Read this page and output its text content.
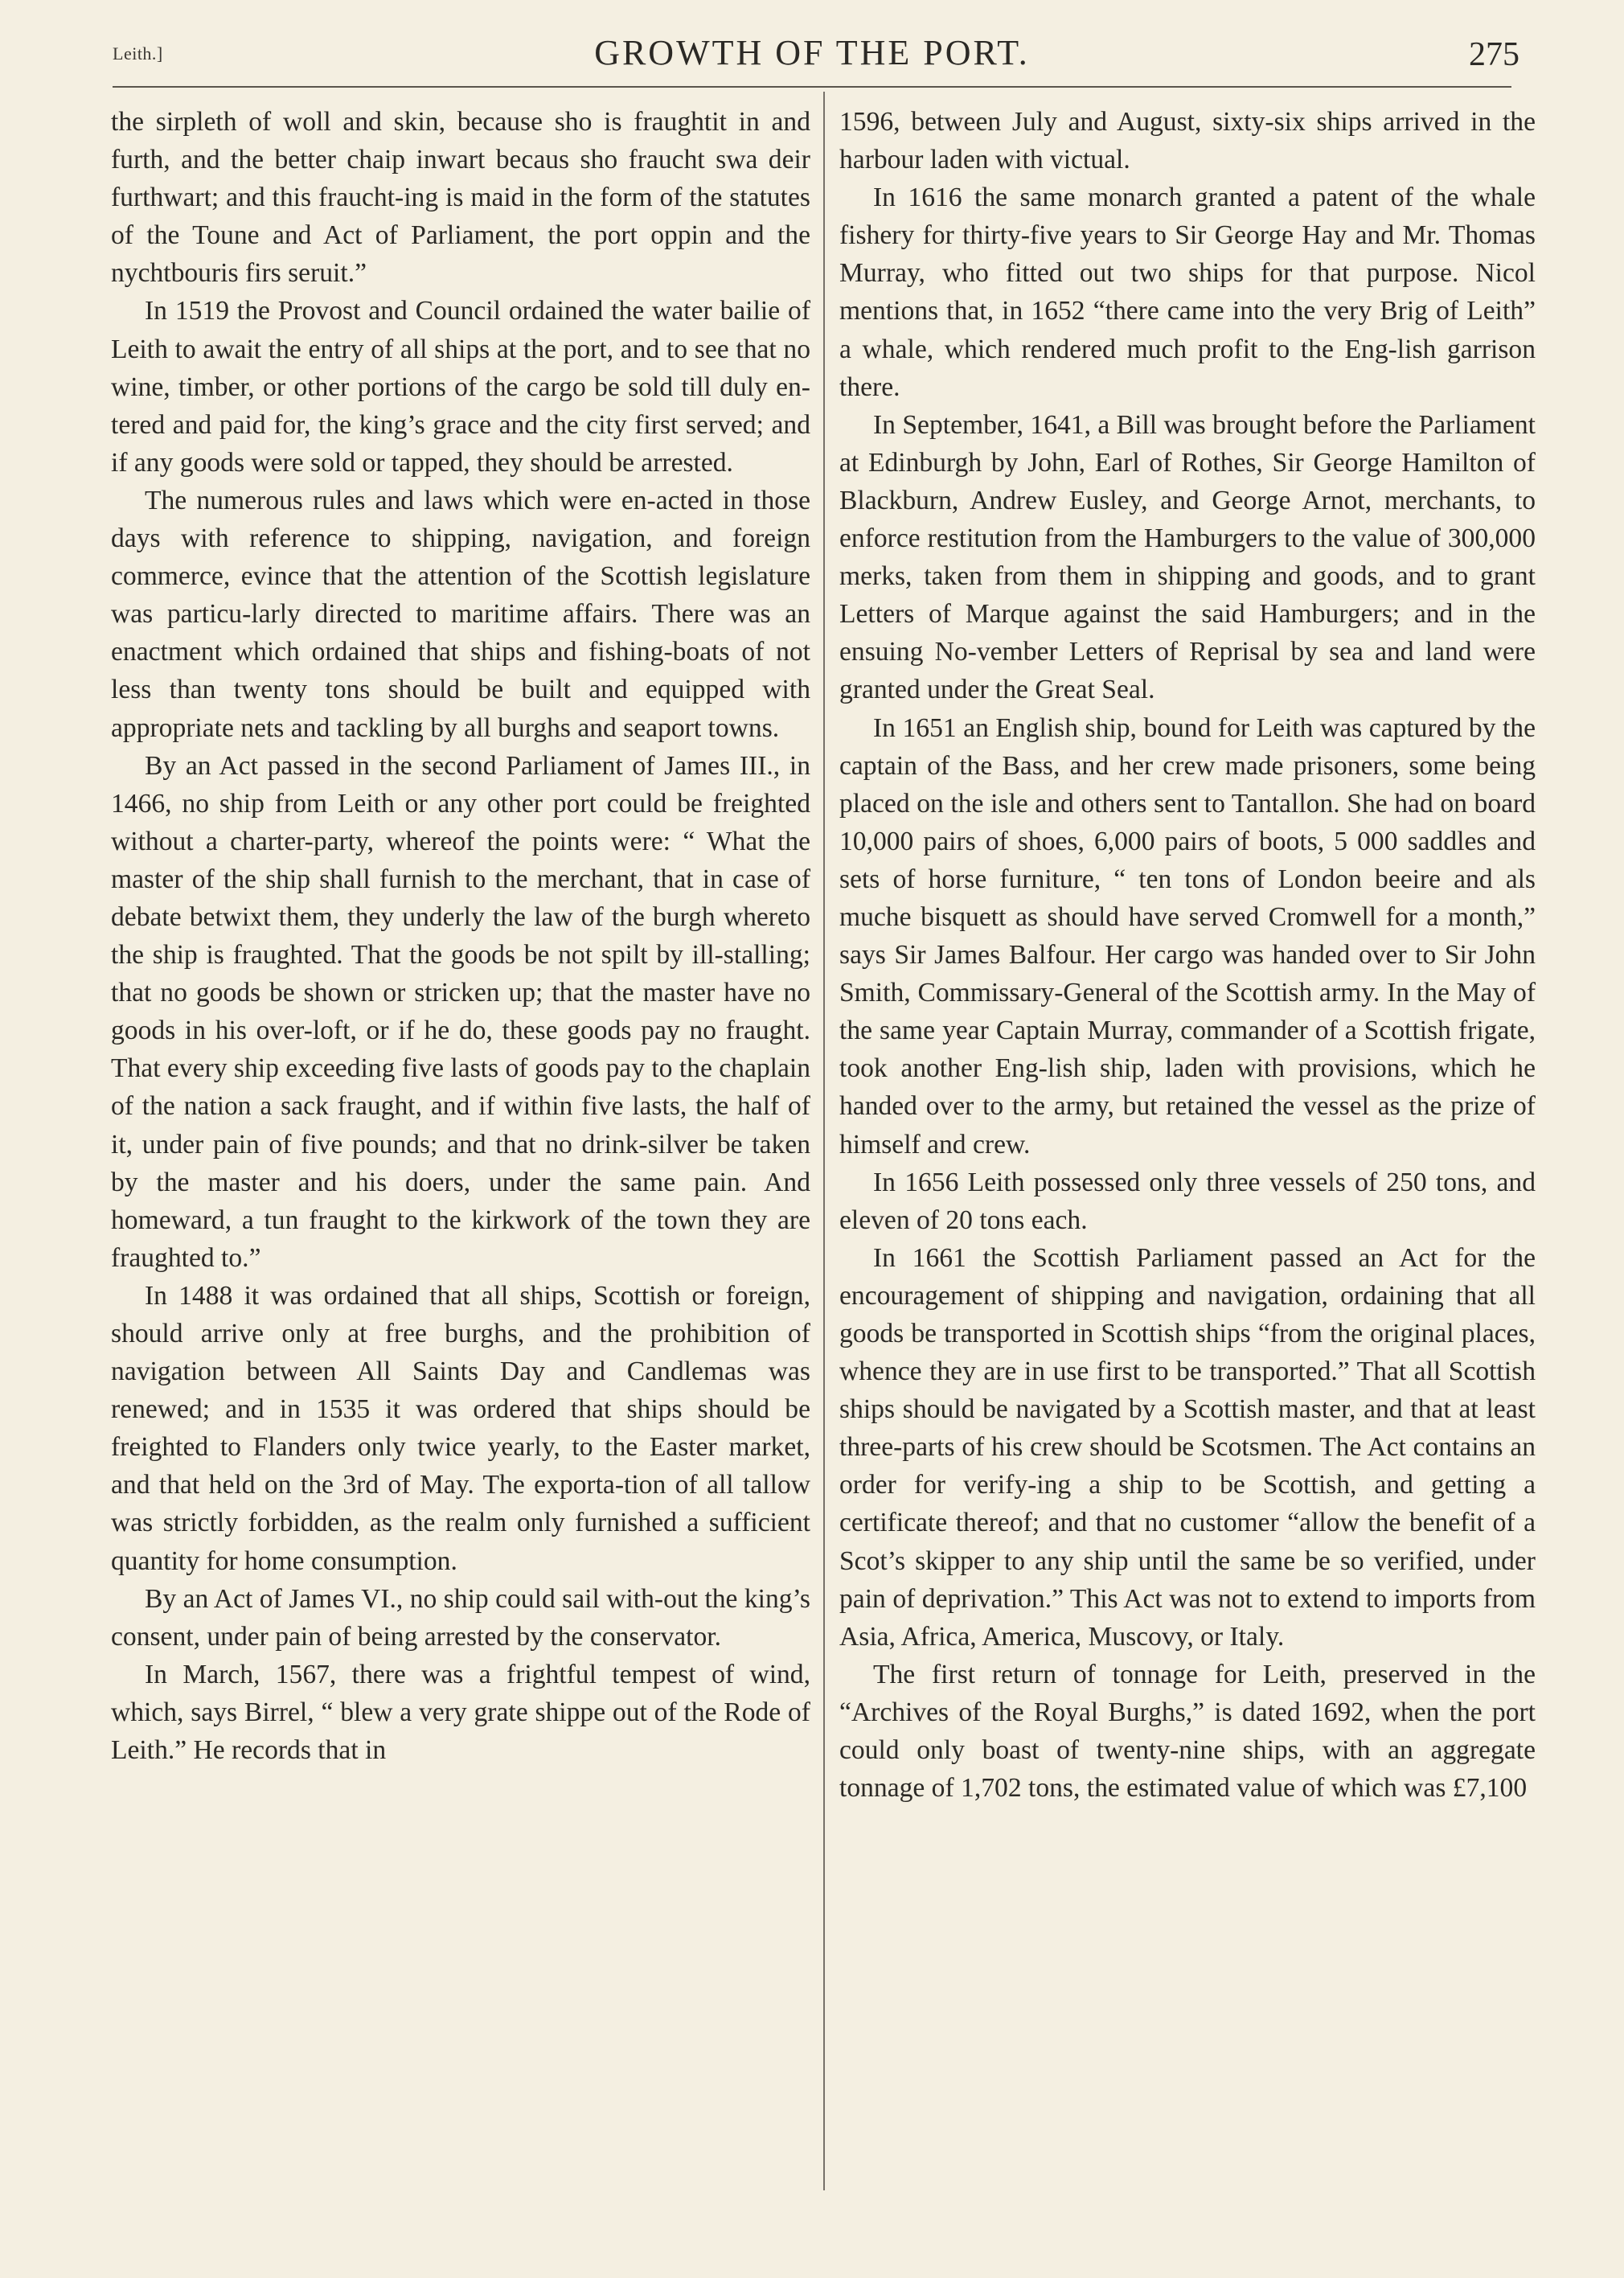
Leith.]	GROWTH OF THE PORT.	275

the sirpleth of woll and skin, because sho is fraughtit in and furth, and the better chaip inwart becaus sho fraucht swa deir furthwart; and this fraucht-ing is maid in the form of the statutes of the Toune and Act of Parliament, the port oppin and the nychtbouris firs seruit.”

In 1519 the Provost and Council ordained the water bailie of Leith to await the entry of all ships at the port, and to see that no wine, timber, or other portions of the cargo be sold till duly en-tered and paid for, the king’s grace and the city first served; and if any goods were sold or tapped, they should be arrested.

The numerous rules and laws which were en-acted in those days with reference to shipping, navigation, and foreign commerce, evince that the attention of the Scottish legislature was particu-larly directed to maritime affairs. There was an enactment which ordained that ships and fishing-boats of not less than twenty tons should be built and equipped with appropriate nets and tackling by all burghs and seaport towns.

By an Act passed in the second Parliament of James III., in 1466, no ship from Leith or any other port could be freighted without a charter-party, whereof the points were: “ What the master of the ship shall furnish to the merchant, that in case of debate betwixt them, they underly the law of the burgh whereto the ship is fraughted. That the goods be not spilt by ill-stalling; that no goods be shown or stricken up; that the master have no goods in his over-loft, or if he do, these goods pay no fraught. That every ship exceeding five lasts of goods pay to the chaplain of the nation a sack fraught, and if within five lasts, the half of it, under pain of five pounds; and that no drink-silver be taken by the master and his doers, under the same pain. And homeward, a tun fraught to the kirkwork of the town they are fraughted to.”

In 1488 it was ordained that all ships, Scottish or foreign, should arrive only at free burghs, and the prohibition of navigation between All Saints Day and Candlemas was renewed; and in 1535 it was ordered that ships should be freighted to Flanders only twice yearly, to the Easter market, and that held on the 3rd of May. The exporta-tion of all tallow was strictly forbidden, as the realm only furnished a sufficient quantity for home consumption.

By an Act of James VI., no ship could sail with-out the king’s consent, under pain of being arrested by the conservator.

In March, 1567, there was a frightful tempest of wind, which, says Birrel, “ blew a very grate shippe out of the Rode of Leith.” He records that in

1596, between July and August, sixty-six ships arrived in the harbour laden with victual.

In 1616 the same monarch granted a patent of the whale fishery for thirty-five years to Sir George Hay and Mr. Thomas Murray, who fitted out two ships for that purpose. Nicol mentions that, in 1652 “there came into the very Brig of Leith” a whale, which rendered much profit to the Eng-lish garrison there.

In September, 1641, a Bill was brought before the Parliament at Edinburgh by John, Earl of Rothes, Sir George Hamilton of Blackburn, Andrew Eusley, and George Arnot, merchants, to enforce restitution from the Hamburgers to the value of 300,000 merks, taken from them in shipping and goods, and to grant Letters of Marque against the said Hamburgers; and in the ensuing No-vember Letters of Reprisal by sea and land were granted under the Great Seal.

In 1651 an English ship, bound for Leith was captured by the captain of the Bass, and her crew made prisoners, some being placed on the isle and others sent to Tantallon. She had on board 10,000 pairs of shoes, 6,000 pairs of boots, 5 000 saddles and sets of horse furniture, “ ten tons of London beeire and als muche bisquett as should have served Cromwell for a month,” says Sir James Balfour. Her cargo was handed over to Sir John Smith, Commissary-General of the Scottish army. In the May of the same year Captain Murray, commander of a Scottish frigate, took another Eng-lish ship, laden with provisions, which he handed over to the army, but retained the vessel as the prize of himself and crew.

In 1656 Leith possessed only three vessels of 250 tons, and eleven of 20 tons each.

In 1661 the Scottish Parliament passed an Act for the encouragement of shipping and navigation, ordaining that all goods be transported in Scottish ships “from the original places, whence they are in use first to be transported.” That all Scottish ships should be navigated by a Scottish master, and that at least three-parts of his crew should be Scotsmen. The Act contains an order for verify-ing a ship to be Scottish, and getting a certificate thereof; and that no customer “allow the benefit of a Scot’s skipper to any ship until the same be so verified, under pain of deprivation.” This Act was not to extend to imports from Asia, Africa, America, Muscovy, or Italy.

The first return of tonnage for Leith, preserved in the “Archives of the Royal Burghs,” is dated 1692, when the port could only boast of twenty-nine ships, with an aggregate tonnage of 1,702 tons, the estimated value of which was £7,100
